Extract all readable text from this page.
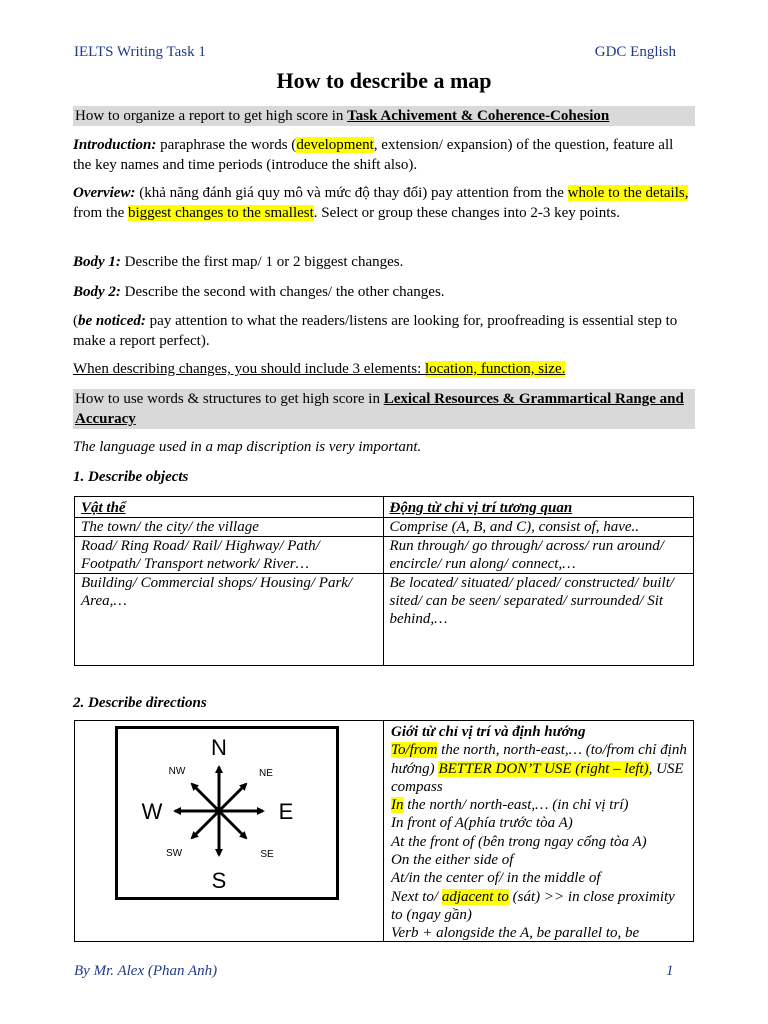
IELTS Writing Task 1	GDC English
How to describe a map
How to organize a report to get high score in Task Achivement & Coherence-Cohesion
Introduction: paraphrase the words (development, extension/ expansion) of the question, feature all the key names and time periods (introduce the shift also).
Overview: (khả năng đánh giá quy mô và mức độ thay đổi) pay attention from the whole to the details, from the biggest changes to the smallest. Select or group these changes into 2-3 key points.
Body 1: Describe the first map/ 1 or 2 biggest changes.
Body 2: Describe the second with changes/ the other changes.
(be noticed: pay attention to what the readers/listens are looking for, proofreading is essential step to make a report perfect).
When describing changes, you should include 3 elements: location, function, size.
How to use words & structures to get high score in Lexical Resources & Grammartical Range and Accuracy
The language used in a map discription is very important.
1. Describe objects
Vật thể	Động từ chỉ vị trí tương quan
The town/ the city/ the village	Comprise (A, B, and C), consist of, have..
Road/ Ring Road/ Rail/ Highway/ Path/ Footpath/ Transport network/ River…	Run through/ go through/ across/ run around/ encircle/ run along/ connect,…
Building/ Commercial shops/ Housing/ Park/ Area,…	Be located/ situated/ placed/ constructed/ built/ sited/ can be seen/ separated/ surrounded/ Sit behind,…
2. Describe directions
N
S
W	E
NW	NE
SW	SE
Giới từ chỉ vị trí và định hướng
To/from the north, north-east,… (to/from chỉ định hướng) BETTER DON’T USE (right – left), USE compass
In the north/ north-east,… (in chỉ vị trí)
In front of A(phía trước tòa A)
At the front of (bên trong ngay cổng tòa A)
On the either side of
At/in the center of/ in the middle of
Next to/ adjacent to (sát) >> in close proximity to (ngay gần)
Verb + alongside the A, be parallel to, be
By Mr. Alex (Phan Anh)	1
